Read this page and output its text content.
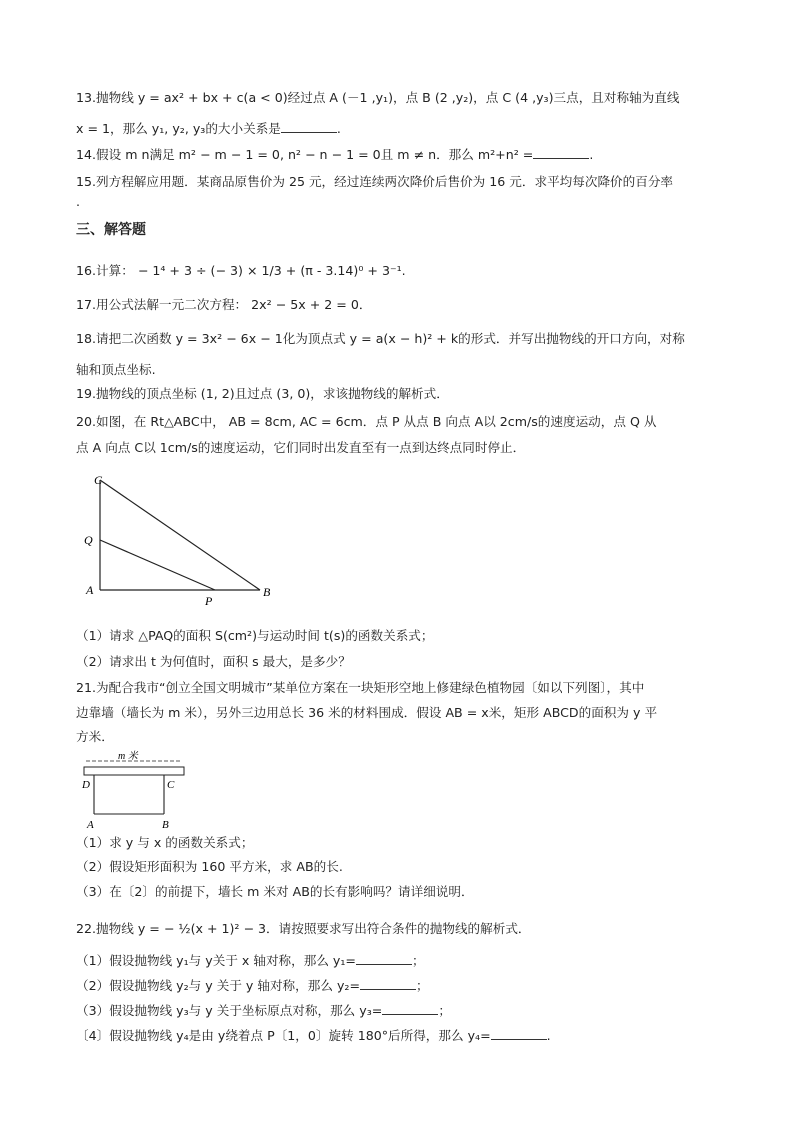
13.抛物线 y = ax² + bx + c(a < 0)经过点 A (－1 ,y₁)，点 B (2 ,y₂)，点 C (4 ,y₃)三点，且对称轴为直线
x = 1，那么 y₁, y₂, y₃的大小关系是	.
14.假设 m n满足 m² − m − 1 = 0, n² − n − 1 = 0且 m ≠ n．那么 m²+n² =	.
15.列方程解应用题．某商品原售价为 25 元，经过连续两次降价后售价为 16 元．求平均每次降价的百分率
.
三、解答题
16.计算： − 1⁴ + 3 ÷ (− 3) × 1/3 + (π - 3.14)⁰ + 3⁻¹.
17.用公式法解一元二次方程： 2x² − 5x + 2 = 0．
18.请把二次函数 y = 3x² − 6x − 1化为顶点式 y = a(x − h)² + k的形式．并写出抛物线的开口方向，对称
轴和顶点坐标.
19.抛物线的顶点坐标 (1, 2)且过点 (3, 0)，求该抛物线的解析式．
20.如图，在 Rt△ABC中， AB = 8cm, AC = 6cm．点 P 从点 B 向点 A以 2cm/s的速度运动，点 Q 从
点 A 向点 C以 1cm/s的速度运动，它们同时出发直至有一点到达终点同时停止．
C
Q
A
P
B
（1）请求 △PAQ的面积 S(cm²)与运动时间 t(s)的函数关系式；
（2）请求出 t 为何值时，面积 s 最大，是多少？
21.为配合我市“创立全国文明城市”某单位方案在一块矩形空地上修建绿色植物园〔如以下列图〕，其中
边靠墙（墙长为 m 米），另外三边用总长 36 米的材料围成．假设 AB = x米，矩形 ABCD的面积为 y 平
方米．
m 米
D	C
A	B
（1）求 y 与 x 的函数关系式；
（2）假设矩形面积为 160 平方米，求 AB的长.
（3）在〔2〕的前提下，墙长 m 米对 AB的长有影响吗？请详细说明．
22.抛物线 y = − ½(x + 1)² − 3．请按照要求写出符合条件的抛物线的解析式．
（1）假设抛物线 y₁与 y关于 x 轴对称，那么 y₁=	；
（2）假设抛物线 y₂与 y 关于 y 轴对称，那么 y₂=	；
（3）假设抛物线 y₃与 y 关于坐标原点对称，那么 y₃=	；
〔4〕假设抛物线 y₄是由 y绕着点 P〔1，0〕旋转 180°后所得，那么 y₄=	.
